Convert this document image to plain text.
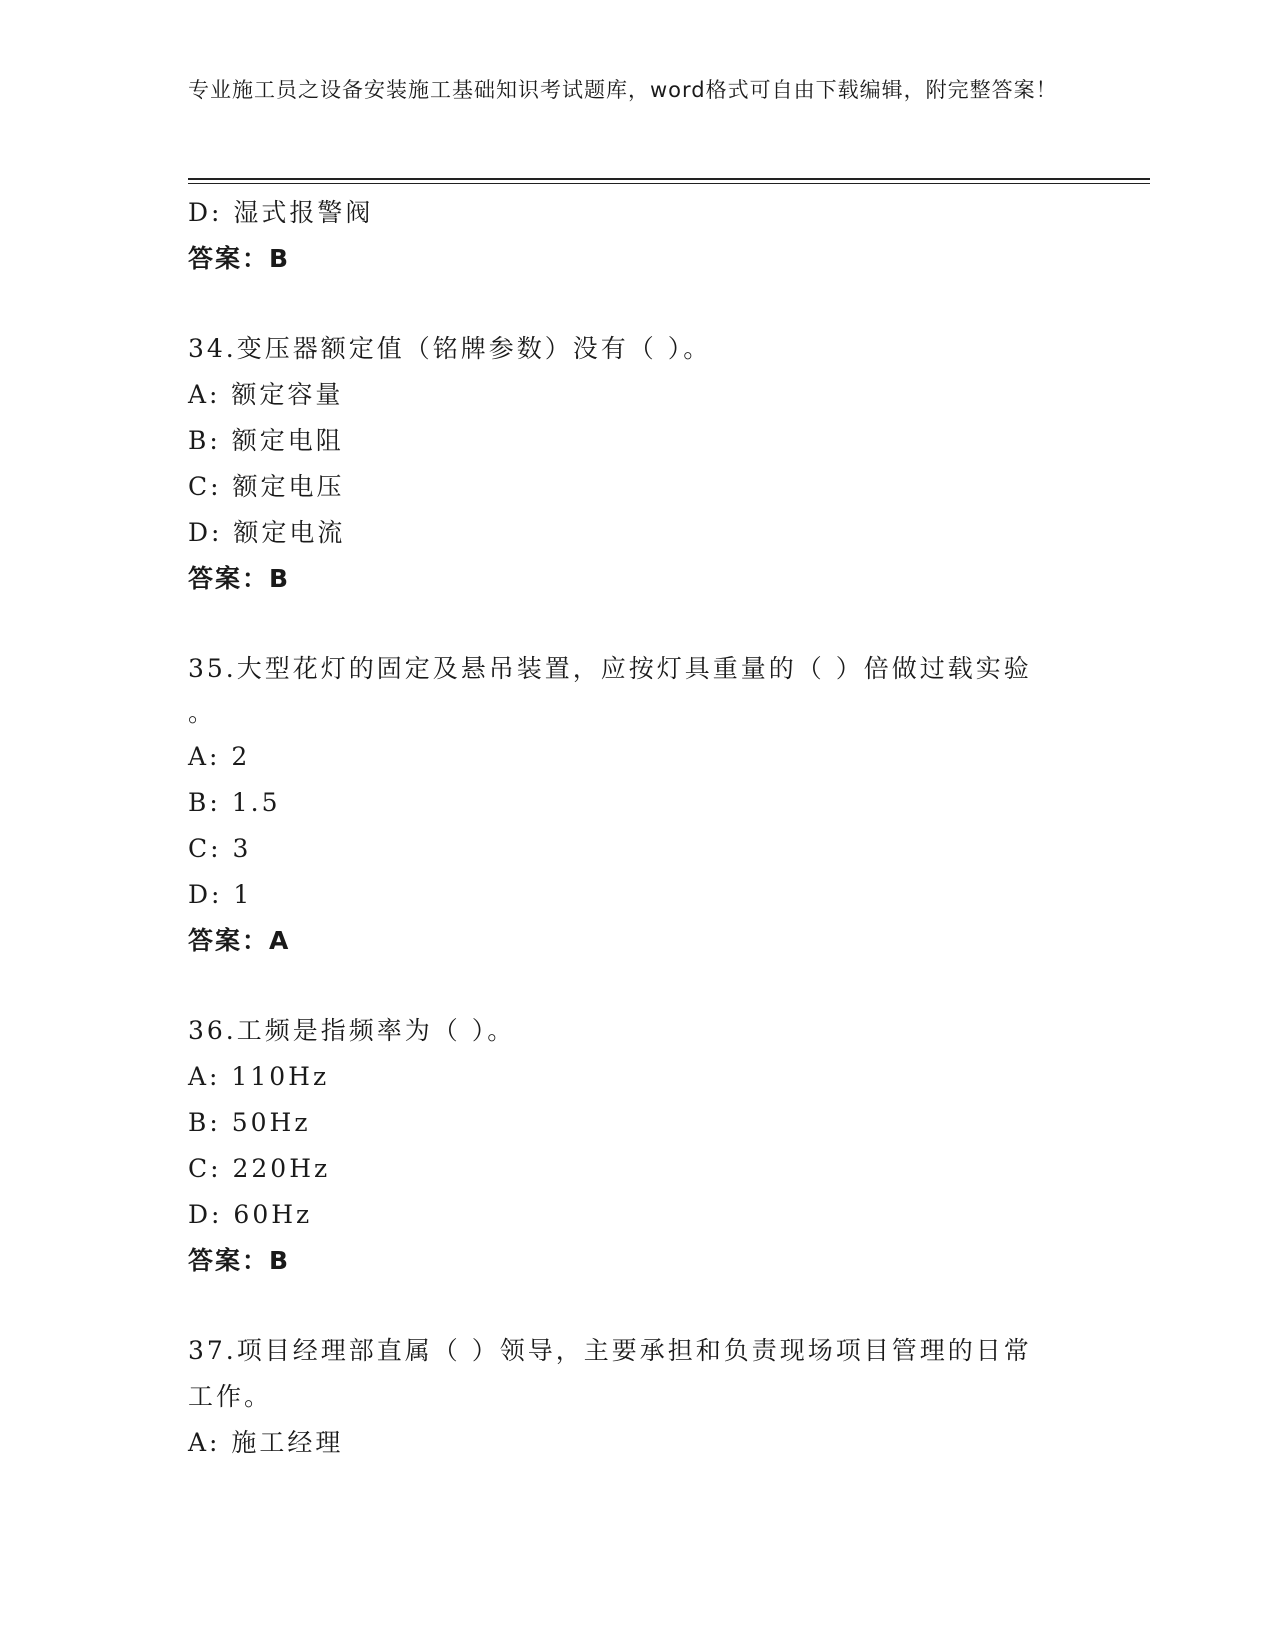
专业施工员之设备安装施工基础知识考试题库，word格式可自由下载编辑，附完整答案！
D: 湿式报警阀
答案：B
34.变压器额定值（铭牌参数）没有（ ）。
A: 额定容量
B: 额定电阻
C: 额定电压
D: 额定电流
答案：B
35.大型花灯的固定及悬吊装置，应按灯具重量的（ ）倍做过载实验
。
A: 2
B: 1.5
C: 3
D: 1
答案：A
36.工频是指频率为（ ）。
A: 110Hz
B: 50Hz
C: 220Hz
D: 60Hz
答案：B
37.项目经理部直属（ ）领导，主要承担和负责现场项目管理的日常
工作。
A: 施工经理
